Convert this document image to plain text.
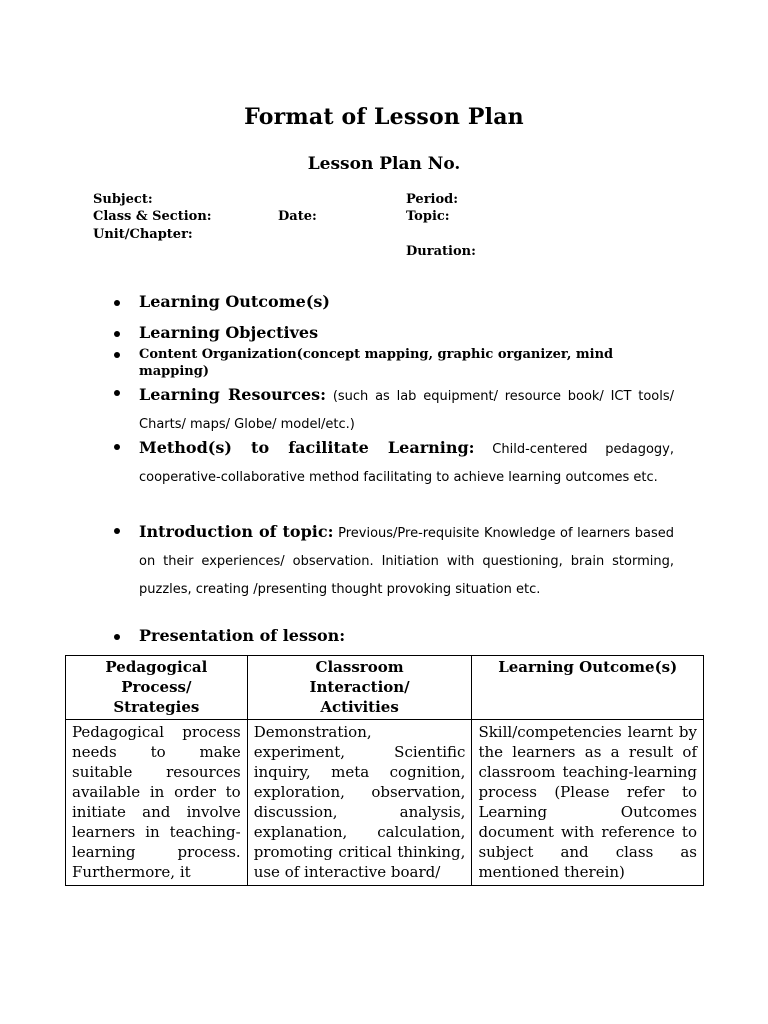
Format of Lesson Plan
Lesson Plan No.
Subject:	Period:
Class & Section:	Date:	Topic:
Unit/Chapter:
Duration:
Learning Outcome(s)
Learning Objectives
Content Organization(concept mapping, graphic organizer, mind mapping)
Learning Resources: (such as lab equipment/ resource book/ ICT tools/ Charts/ maps/ Globe/ model/etc.)
Method(s) to facilitate Learning: Child-centered pedagogy, cooperative-collaborative method facilitating to achieve learning outcomes etc.
Introduction of topic: Previous/Pre-requisite Knowledge of learners based on their experiences/ observation. Initiation with questioning, brain storming, puzzles, creating /presenting thought provoking situation etc.
Presentation of lesson:
Pedagogical Process/ Strategies	Classroom Interaction/ Activities	Learning Outcome(s)
Pedagogical process needs to make suitable resources available in order to initiate and involve learners in teaching-learning process. Furthermore, it	Demonstration, experiment, Scientific inquiry, meta cognition, exploration, observation, discussion, analysis, explanation, calculation, promoting critical thinking, use of interactive board/	Skill/competencies learnt by the learners as a result of classroom teaching-learning process (Please refer to Learning Outcomes document with reference to subject and class as mentioned therein)
